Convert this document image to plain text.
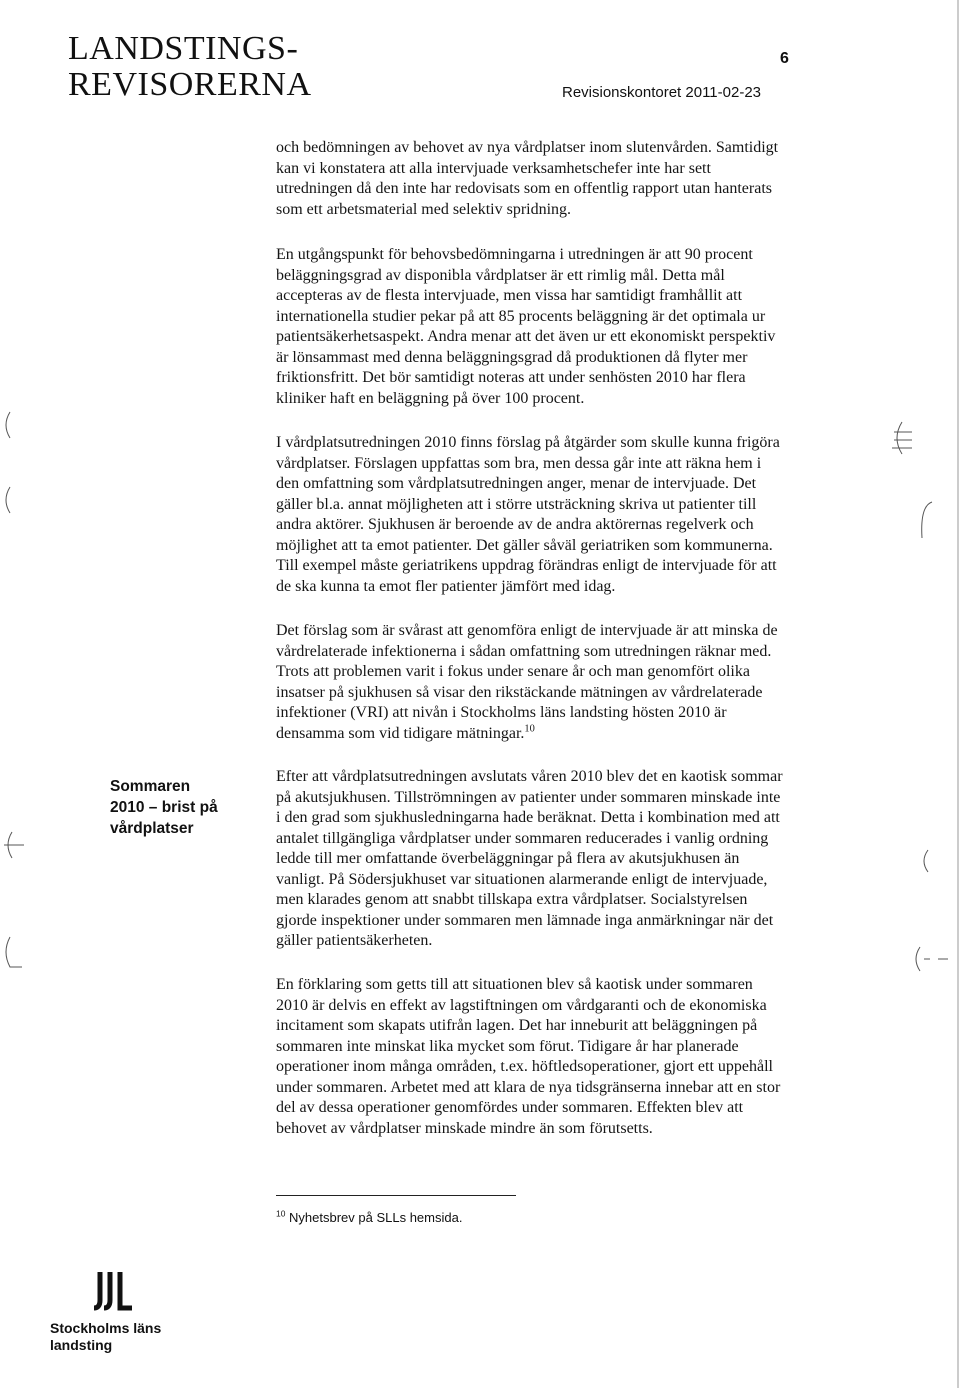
LANDSTINGS-
REVISORERNA
6
Revisionskontoret 2011-02-23
och bedömningen av behovet av nya vårdplatser inom slutenvården. Samtidigt
kan vi konstatera att alla intervjuade verksamhetschefer inte har sett
utredningen då den inte har redovisats som en offentlig rapport utan hanterats
som ett arbetsmaterial med selektiv spridning.
En utgångspunkt för behovsbedömningarna i utredningen är att 90 procent
beläggningsgrad av disponibla vårdplatser är ett rimlig mål. Detta mål
accepteras av de flesta intervjuade, men vissa har samtidigt framhållit att
internationella studier pekar på att 85 procents beläggning är det optimala ur
patientsäkerhetsaspekt. Andra menar att det även ur ett ekonomiskt perspektiv
är lönsammast med denna beläggningsgrad då produktionen då flyter mer
friktionsfritt. Det bör samtidigt noteras att under senhösten 2010 har flera
kliniker haft en beläggning på över 100 procent.
I vårdplatsutredningen 2010 finns förslag på åtgärder som skulle kunna frigöra
vårdplatser. Förslagen uppfattas som bra, men dessa går inte att räkna hem i
den omfattning som vårdplatsutredningen anger, menar de intervjuade. Det
gäller bl.a. annat möjligheten att i större utsträckning skriva ut patienter till
andra aktörer. Sjukhusen är beroende av de andra aktörernas regelverk och
möjlighet att ta emot patienter. Det gäller såväl geriatriken som kommunerna.
Till exempel måste geriatrikens uppdrag förändras enligt de intervjuade för att
de ska kunna ta emot fler patienter jämfört med idag.
Det förslag som är svårast att genomföra enligt de intervjuade är att minska de
vårdrelaterade infektionerna i sådan omfattning som utredningen räknar med.
Trots att problemen varit i fokus under senare år och man genomfört olika
insatser på sjukhusen så visar den rikstäckande mätningen av vårdrelaterade
infektioner (VRI) att nivån i Stockholms läns landsting hösten 2010 är
densamma som vid tidigare mätningar.$^{10}$
Efter att vårdplatsutredningen avslutats våren 2010 blev det en kaotisk sommar
på akutsjukhusen. Tillströmningen av patienter under sommaren minskade inte
i den grad som sjukhusledningarna hade beräknat. Detta i kombination med att
antalet tillgängliga vårdplatser under sommaren reducerades i vanlig ordning
ledde till mer omfattande överbeläggningar på flera av akutsjukhusen än
vanligt. På Södersjukhuset var situationen alarmerande enligt de intervjuade,
men klarades genom att snabbt tillskapa extra vårdplatser. Socialstyrelsen
gjorde inspektioner under sommaren men lämnade inga anmärkningar när det
gäller patientsäkerheten.
En förklaring som getts till att situationen blev så kaotisk under sommaren
2010 är delvis en effekt av lagstiftningen om vårdgaranti och de ekonomiska
incitament som skapats utifrån lagen. Det har inneburit att beläggningen på
sommaren inte minskat lika mycket som förut. Tidigare år har planerade
operationer inom många områden, t.ex. höftledsoperationer, gjort ett uppehåll
under sommaren. Arbetet med att klara de nya tidsgränserna innebar att en stor
del av dessa operationer genomfördes under sommaren. Effekten blev att
behovet av vårdplatser minskade mindre än som förutsetts.
Sommaren
2010 – brist på
vårdplatser
$^{10}$ Nyhetsbrev på SLLs hemsida.
Stockholms läns
landsting
